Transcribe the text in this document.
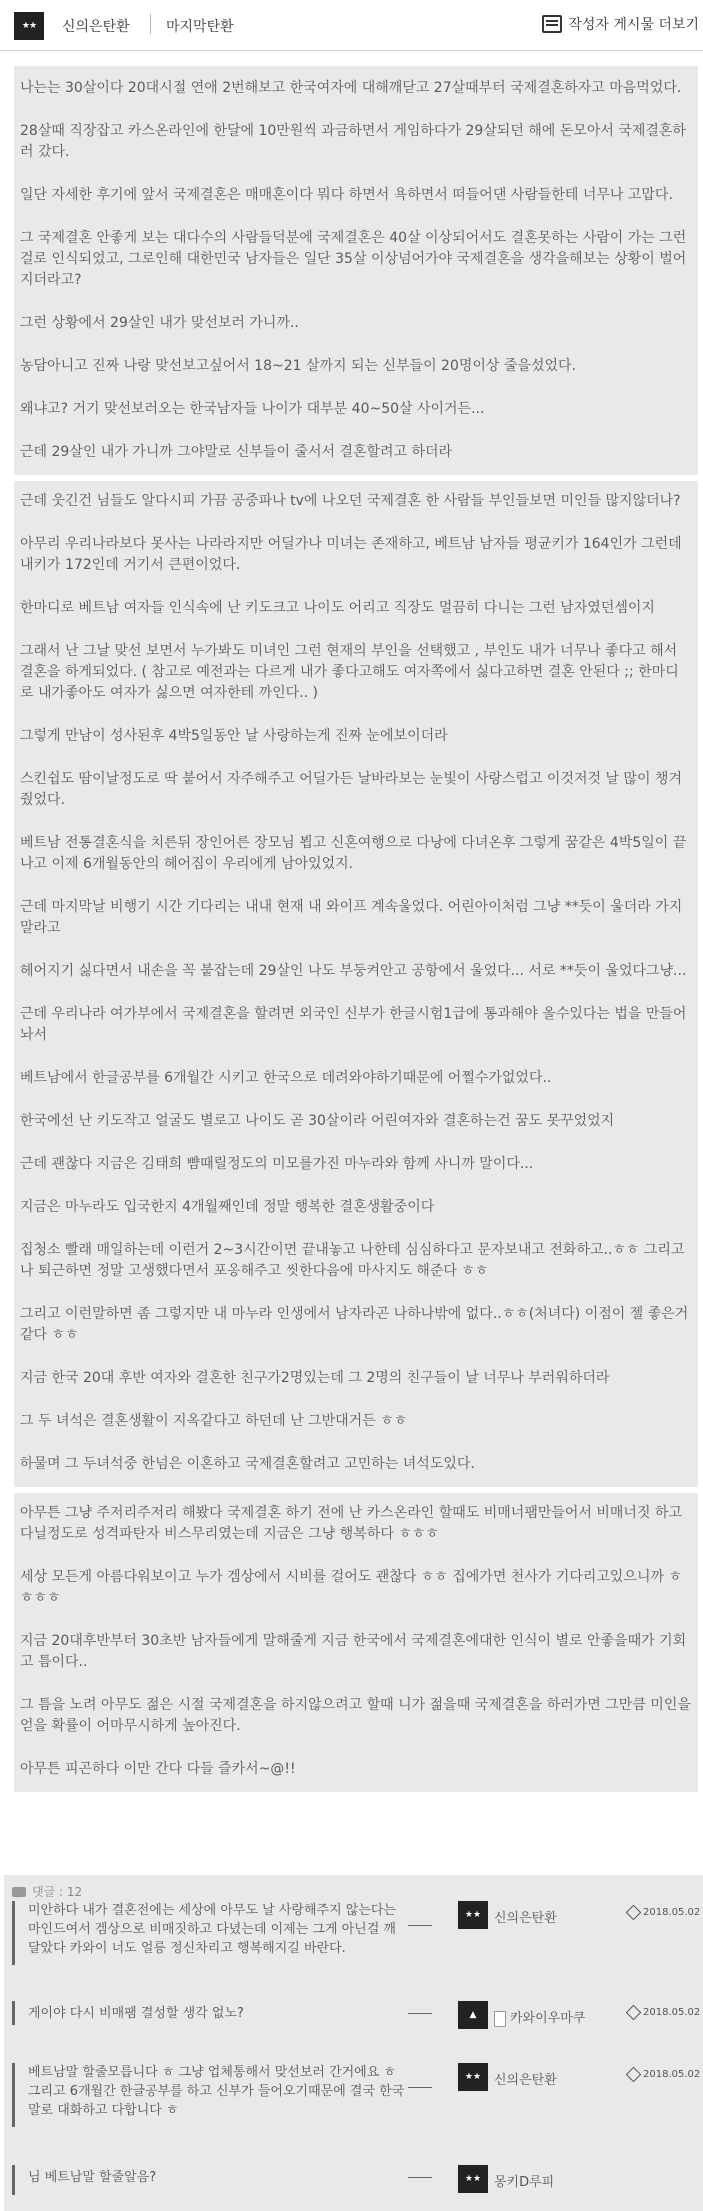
★★	신의은탄환	마지막탄환	작성자 게시물 더보기

나는는 30살이다 20대시절 연애 2번해보고 한국여자에 대해깨닫고 27살때부터 국제결혼하자고 마음먹었다.

28살때 직장잡고 카스온라인에 한달에 10만원씩 과금하면서 게임하다가 29살되던 해에 돈모아서 국제결혼하러 갔다.

일단 자세한 후기에 앞서 국제결혼은 매매혼이다 뭐다 하면서 욕하면서 떠들어댄 사람들한테 너무나 고맙다.

그 국제결혼 안좋게 보는 대다수의 사람들덕분에 국제결혼은 40살 이상되어서도 결혼못하는 사람이 가는 그런걸로 인식되었고, 그로인해 대한민국 남자들은 일단 35살 이상넘어가야 국제결혼을 생각을해보는 상황이 벌어지더라고?

그런 상황에서 29살인 내가 맞선보러 가니까..

농담아니고 진짜 나랑 맞선보고싶어서 18~21 살까지 되는 신부들이 20명이상 줄을섰었다.

왜냐고? 거기 맞선보러오는 한국남자들 나이가 대부분 40~50살 사이거든...

근데 29살인 내가 가니까 그야말로 신부들이 줄서서 결혼할려고 하더라

근데 웃긴건 님들도 알다시피 가끔 공중파나 tv에 나오던 국제결혼 한 사람들 부인들보면 미인들 많지않더나?

아무리 우리나라보다 못사는 나라라지만 어딜가나 미녀는 존재하고, 베트남 남자들 평균키가 164인가 그런데 내키가 172인데 거기서 큰편이었다.

한마디로 베트남 여자들 인식속에 난 키도크고 나이도 어리고 직장도 멀끔히 다니는 그런 남자였던셈이지

그래서 난 그날 맞선 보면서 누가봐도 미녀인 그런 현재의 부인을 선택했고 , 부인도 내가 너무나 좋다고 해서 결혼을 하게되었다. ( 참고로 예전과는 다르게 내가 좋다고해도 여자쪽에서 싫다고하면 결혼 안된다 ;; 한마디로 내가좋아도 여자가 싫으면 여자한테 까인다.. )

그렇게 만남이 성사된후 4박5일동안 날 사랑하는게 진짜 눈에보이더라

스킨쉽도 땀이날정도로 딱 붙어서 자주해주고 어딜가든 날바라보는 눈빛이 사랑스럽고 이것저것 날 많이 챙겨줬었다.

베트남 전통결혼식을 치른뒤 장인어른 장모님 뵙고 신혼여행으로 다낭에 다녀온후 그렇게 꿈같은 4박5일이 끝나고 이제 6개월동안의 헤어짐이 우리에게 남아있었지.

근데 마지막날 비행기 시간 기다리는 내내 현재 내 와이프 계속울었다. 어린아이처럼 그냥 **듯이 울더라 가지말라고

헤어지기 싫다면서 내손을 꼭 붙잡는데 29살인 나도 부둥켜안고 공항에서 울었다... 서로 **듯이 울었다그냥...

근데 우리나라 여가부에서 국제결혼을 할려면 외국인 신부가 한글시험1급에 통과해야 올수있다는 법을 만들어놔서

베트남에서 한글공부를 6개월간 시키고 한국으로 데려와야하기때문에 어쩔수가없었다..

한국에선 난 키도작고 얼굴도 별로고 나이도 곧 30살이라 어린여자와 결혼하는건 꿈도 못꾸었었지

근데 괜찮다 지금은 김태희 뺨때릴정도의 미모를가진 마누라와 함께 사니까 말이다...

지금은 마누라도 입국한지 4개월째인데 정말 행복한 결혼생활중이다

집청소 빨래 매일하는데 이런거 2~3시간이면 끝내놓고 나한테 심심하다고 문자보내고 전화하고..ㅎㅎ 그리고 나 퇴근하면 정말 고생했다면서 포옹해주고 씻한다음에 마사지도 해준다 ㅎㅎ

그리고 이런말하면 좀 그렇지만 내 마누라 인생에서 남자라곤 나하나밖에 없다..ㅎㅎ(처녀다) 이점이 젤 좋은거같다 ㅎㅎ

지금 한국 20대 후반 여자와 결혼한 친구가2명있는데 그 2명의 친구들이 날 너무나 부러워하더라

그 두 녀석은 결혼생활이 지옥같다고 하던데 난 그반대거든 ㅎㅎ

하물며 그 두녀석중 한넘은 이혼하고 국제결혼할려고 고민하는 녀석도있다.

아무튼 그냥 주저리주저리 해봤다 국제결혼 하기 전에 난 카스온라인 할때도 비매너팸만들어서 비매너짓 하고 다닐정도로 성격파탄자 비스무리였는데 지금은 그냥 행복하다 ㅎㅎㅎ

세상 모든게 아름다워보이고 누가 겜상에서 시비를 걸어도 괜찮다 ㅎㅎ 집에가면 천사가 기다리고있으니까 ㅎㅎㅎㅎ

지금 20대후반부터 30초반 남자들에게 말해줄게 지금 한국에서 국제결혼에대한 인식이 별로 안좋을때가 기회고 틈이다..

그 틈을 노려 아무도 젊은 시절 국제결혼을 하지않으려고 할때 니가 젊을때 국제결혼을 하러가면 그만큼 미인을 얻을 확률이 어마무시하게 높아진다.

아무튼 피곤하다 이만 간다 다들 즐카서~@!!

댓글 : 12
미안하다 내가 결혼전에는 세상에 아무도 날 사랑해주지 않는다는 마인드여서 겜상으로 비매짓하고 다녔는데 이제는 그게 아닌걸 깨달았다 카와이 너도 얼릉 정신차리고 행복해지길 바란다.
★★ 신의은탄환	2018.05.02
게이야 다시 비매팸 결성할 생각 없노?	▲	카와이우마쿠	2018.05.02
베트남말 할줄모릅니다 ㅎ 그냥 업체통해서 맞선보러 간거에요 ㅎ 그리고 6개월간 한글공부를 하고 신부가 들어오기때문에 결국 한국말로 대화하고 다합니다 ㅎ
★★ 신의은탄환	2018.05.02
님 베트남말 할줄알음?	★★ 몽키D루피
